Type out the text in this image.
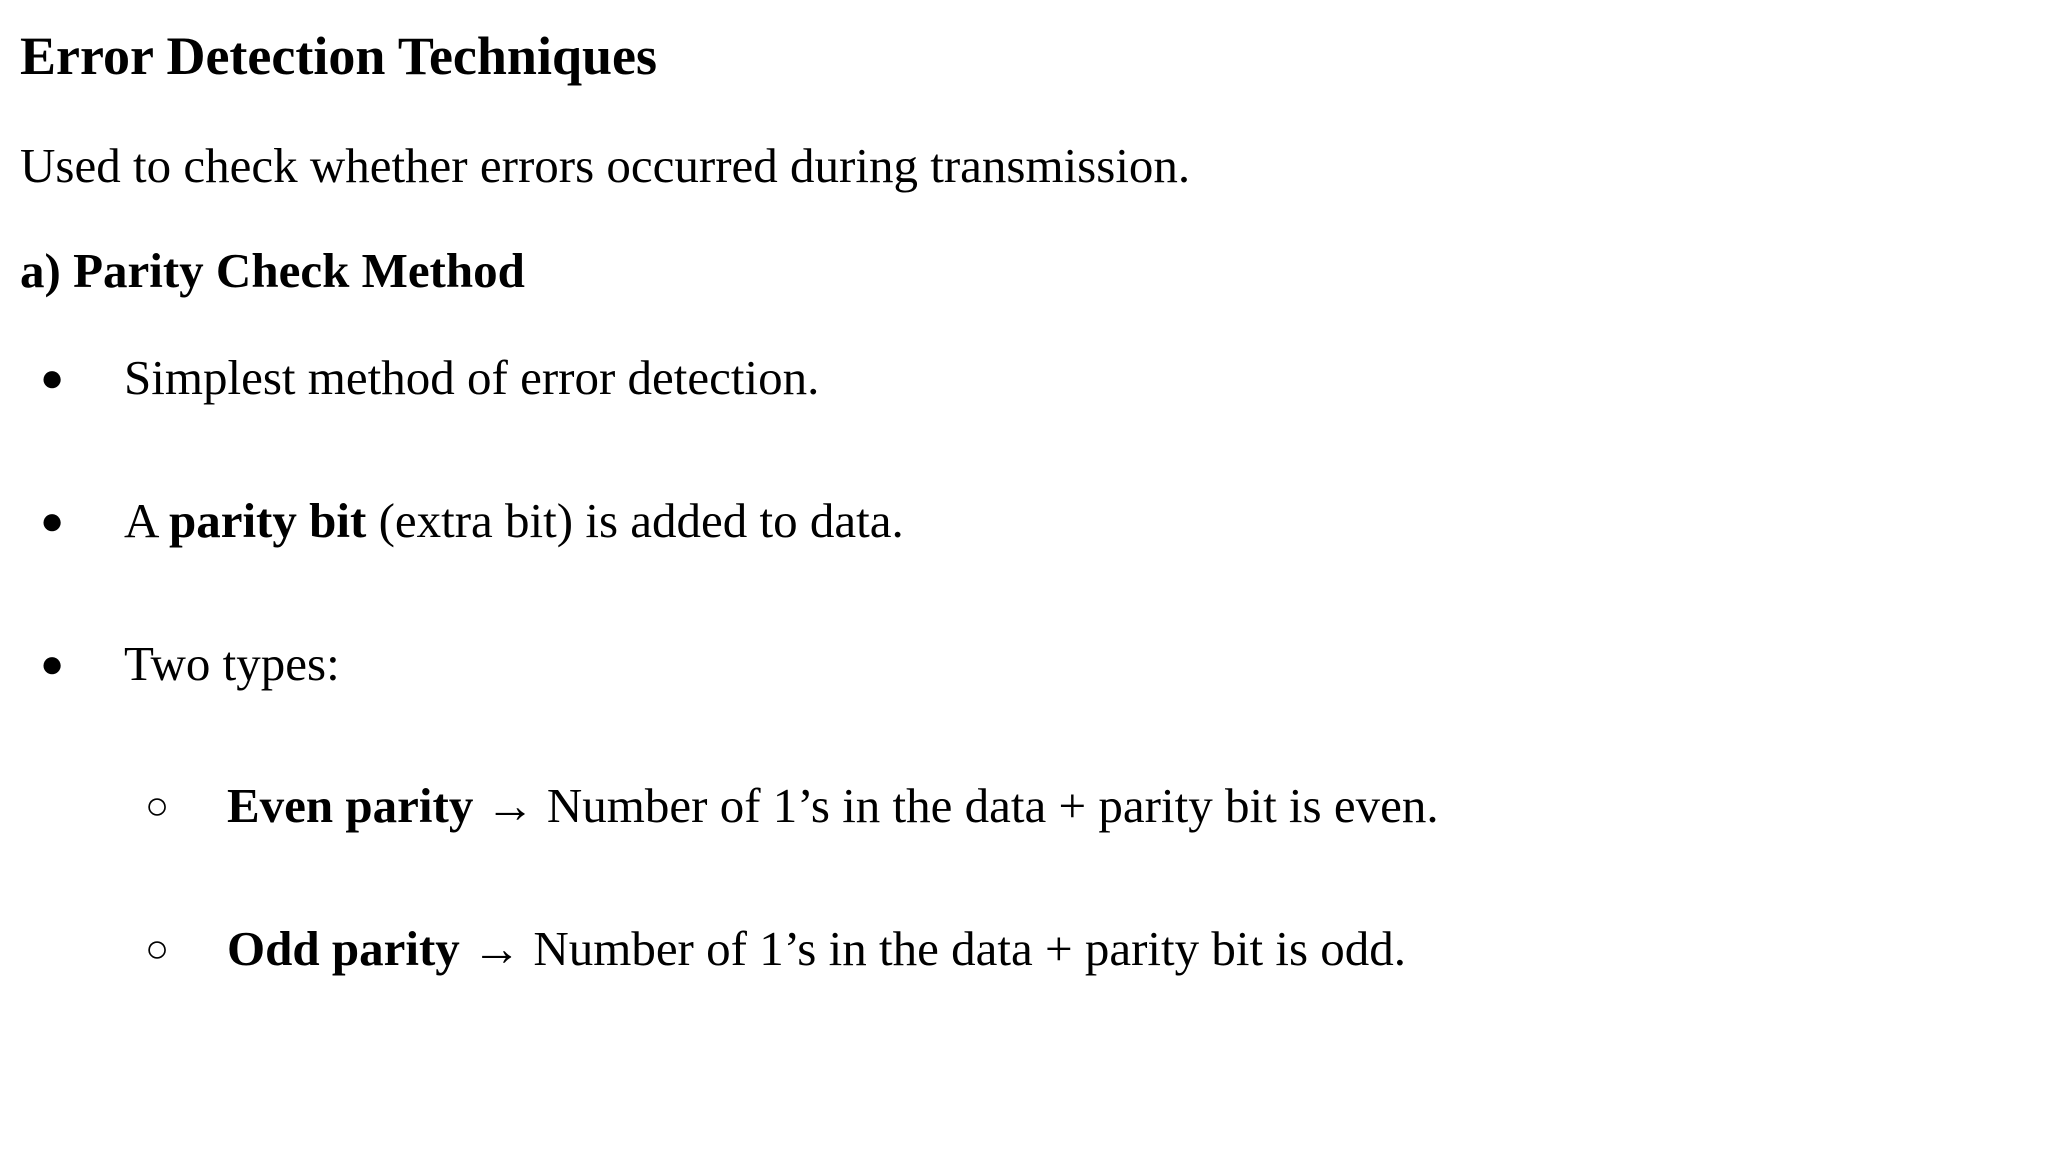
Error Detection Techniques

Used to check whether errors occurred during transmission.

a) Parity Check Method
● Simplest method of error detection.
● A parity bit (extra bit) is added to data.
● Two types:
○ Even parity → Number of 1’s in the data + parity bit is even.
○ Odd parity → Number of 1’s in the data + parity bit is odd.
